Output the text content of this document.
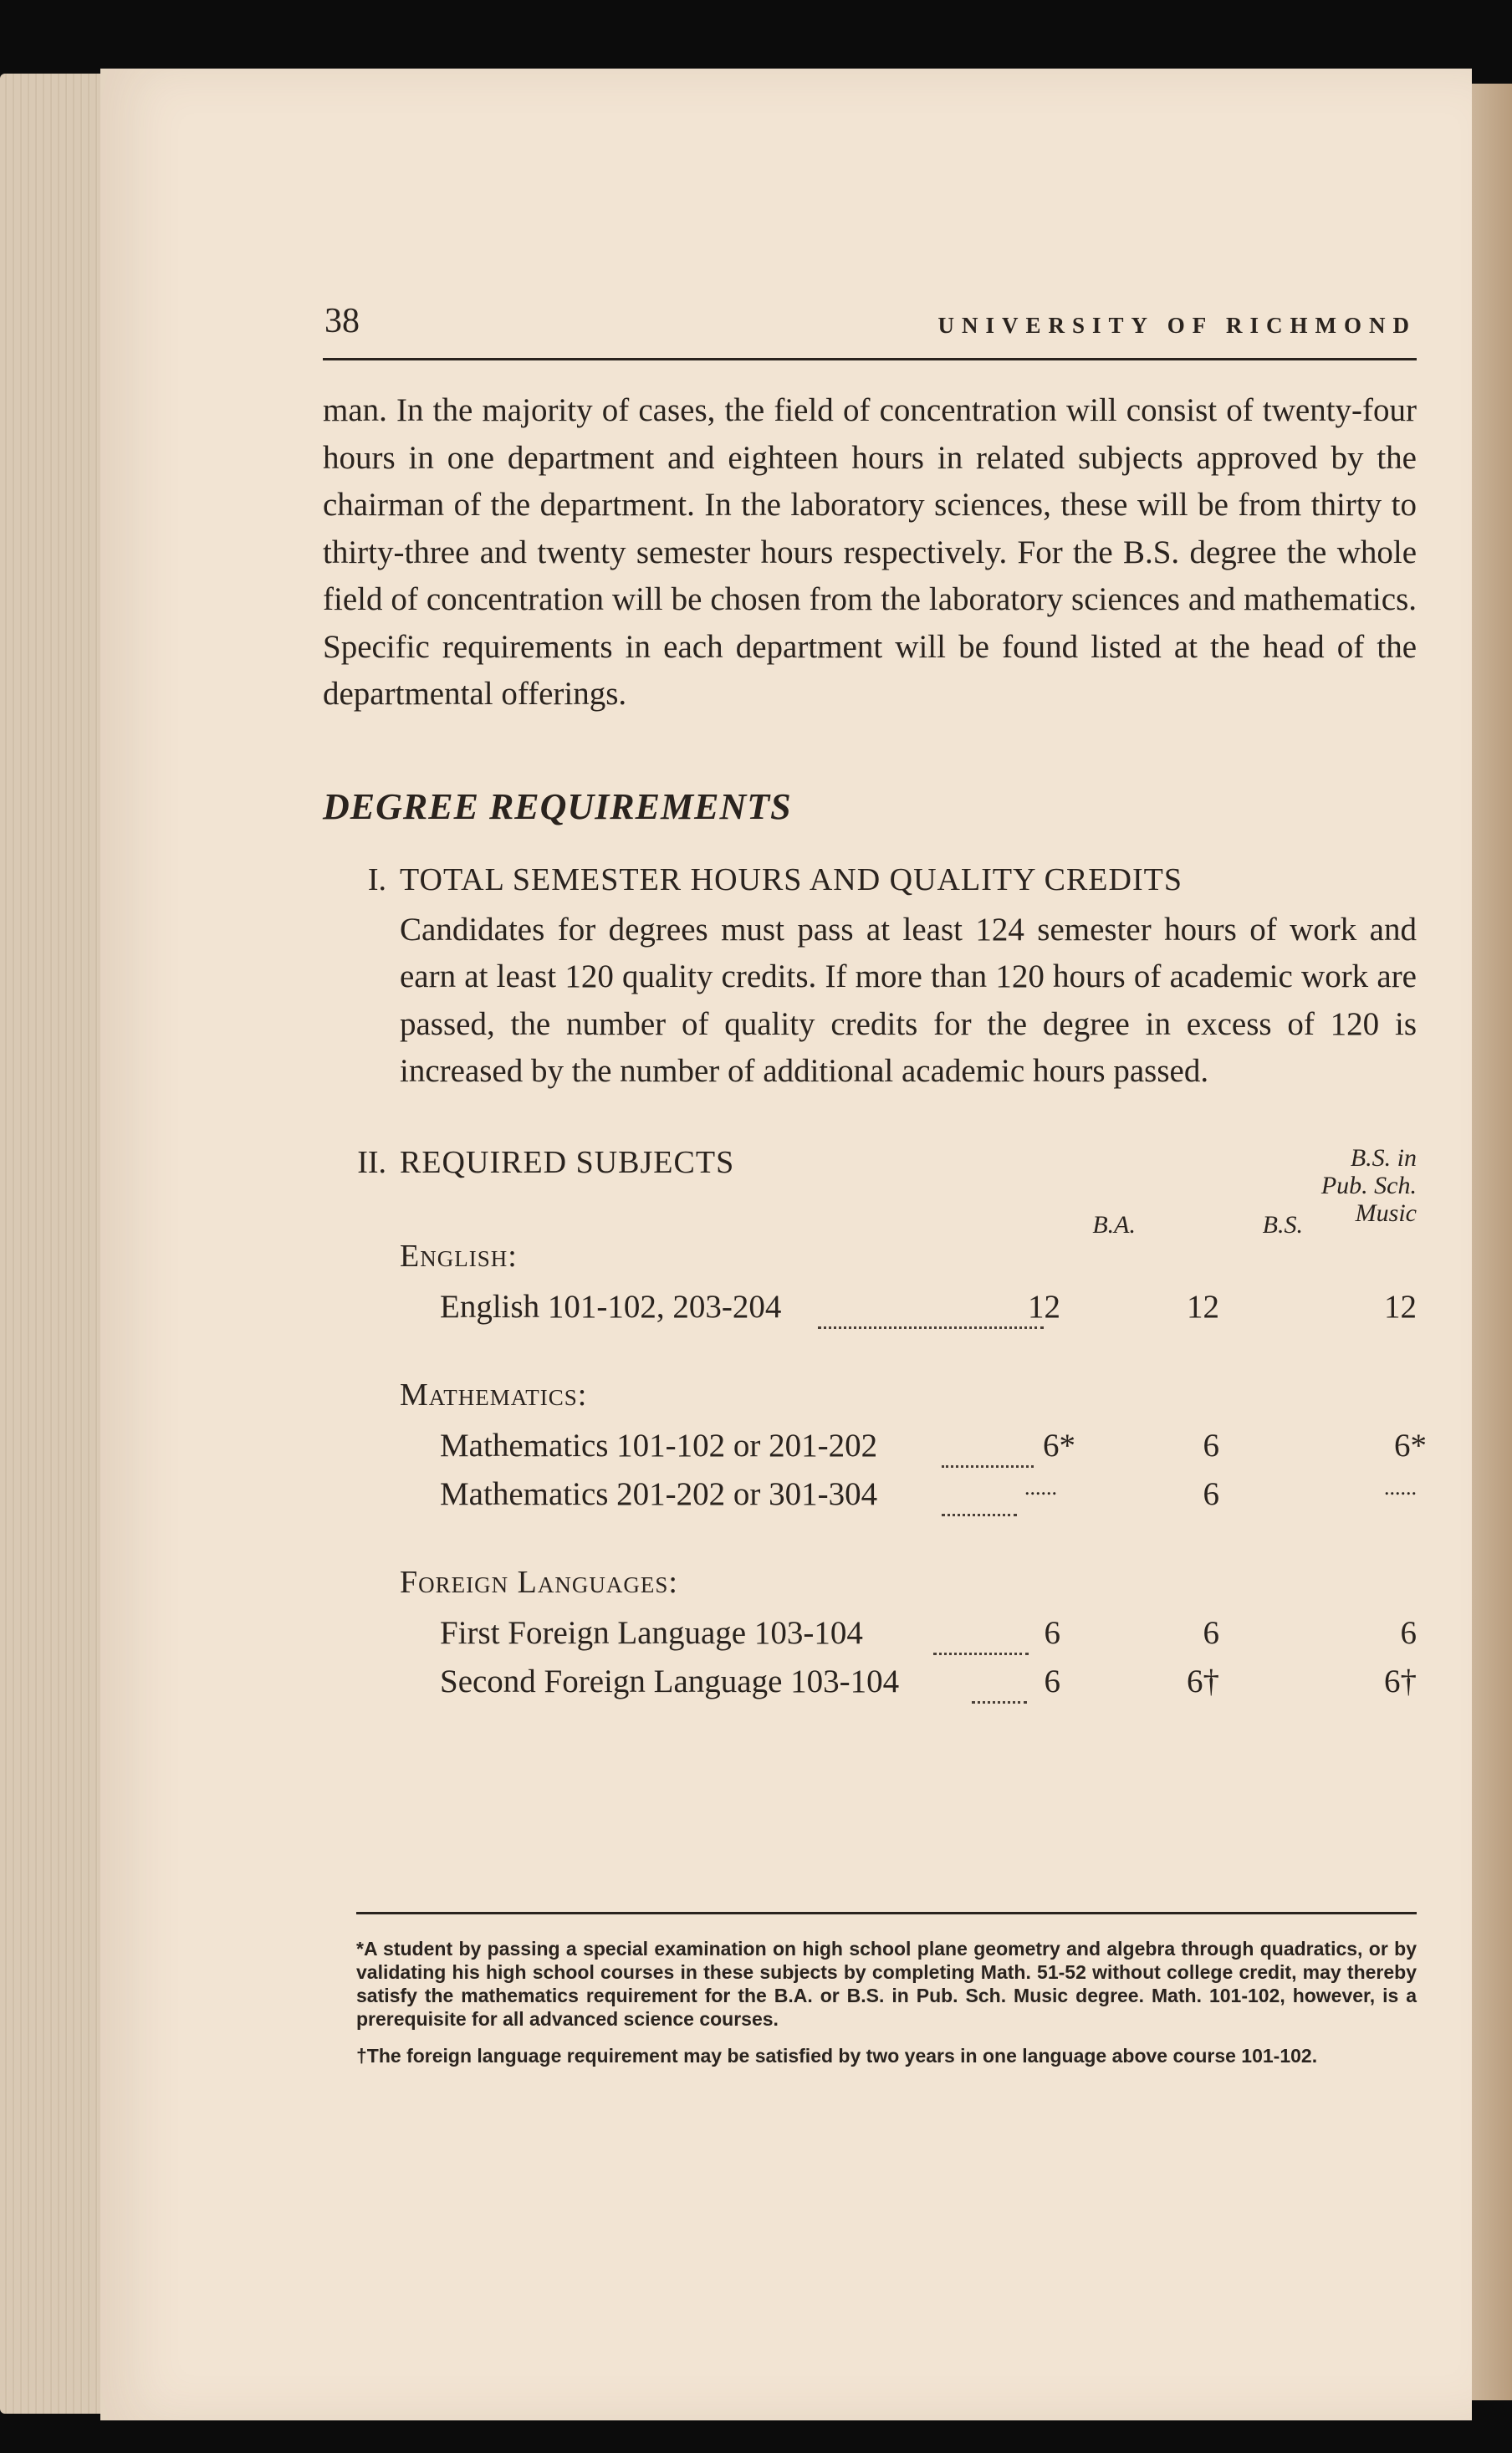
38	UNIVERSITY OF RICHMOND

man. In the majority of cases, the field of concentration will consist of twenty-four hours in one department and eighteen hours in related subjects approved by the chairman of the department. In the laboratory sciences, these will be from thirty to thirty-three and twenty semester hours respectively. For the B.S. degree the whole field of concentration will be chosen from the laboratory sciences and mathematics. Specific requirements in each department will be found listed at the head of the departmental offerings.

DEGREE REQUIREMENTS
I. TOTAL SEMESTER HOURS AND QUALITY CREDITS

Candidates for degrees must pass at least 124 semester hours of work and earn at least 120 quality credits. If more than 120 hours of academic work are passed, the number of quality credits for the degree in excess of 120 is increased by the number of additional academic hours passed.

II. REQUIRED SUBJECTS

B.A.	B.S.
B.S. in
Pub. Sch.
Music
English:
English 101-102, 203-204	12	12	12
Mathematics:
Mathematics 101-102 or 201-202	6*	6	6*
Mathematics 201-202 or 301-304	......	6	......
Foreign Languages:
First Foreign Language 103-104	6	6	6
Second Foreign Language 103-104	6	6†	6†

*A student by passing a special examination on high school plane geometry and algebra through quadratics, or by validating his high school courses in these subjects by completing Math. 51-52 without college credit, may thereby satisfy the mathematics requirement for the B.A. or B.S. in Pub. Sch. Music degree. Math. 101-102, however, is a prerequisite for all advanced science courses.

†The foreign language requirement may be satisfied by two years in one language above course 101-102.
